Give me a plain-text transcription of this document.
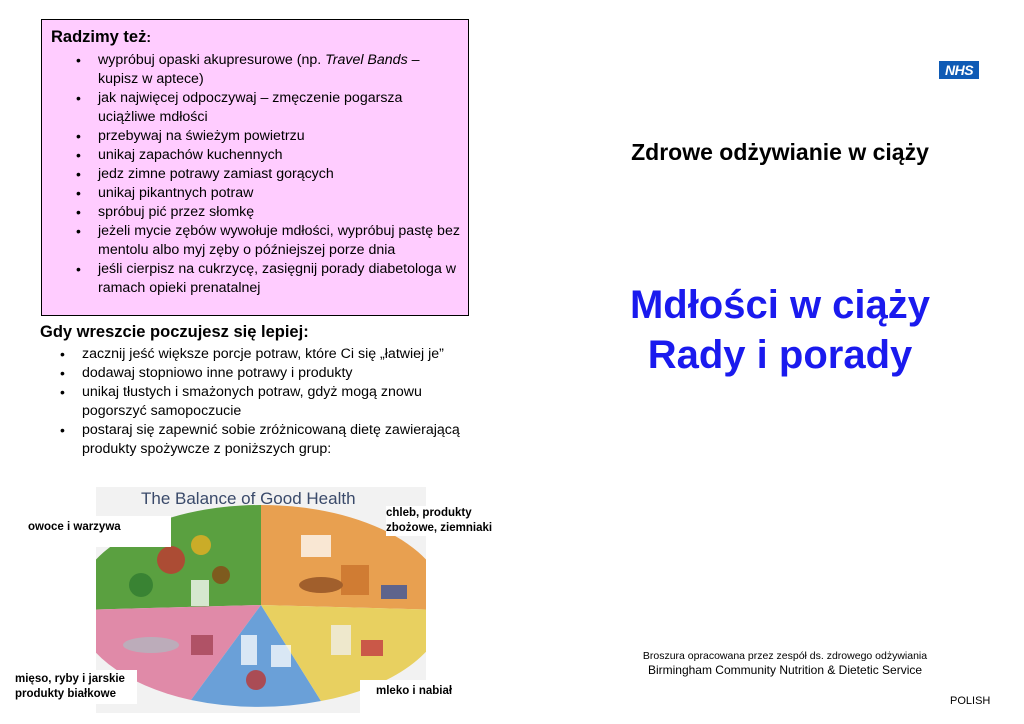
Radzimy też:
• wypróbuj opaski akupresurowe (np. Travel Bands – kupisz w aptece)
• jak najwięcej odpoczywaj – zmęczenie pogarsza uciążliwe mdłości
• przebywaj na świeżym powietrzu
• unikaj zapachów kuchennych
• jedz zimne potrawy zamiast gorących
• unikaj pikantnych potraw
• spróbuj pić przez słomkę
• jeżeli mycie zębów wywołuje mdłości, wypróbuj pastę bez mentolu albo myj zęby o późniejszej porze dnia
• jeśli cierpisz na cukrzycę, zasięgnij porady diabetologa w ramach opieki prenatalnej
Gdy wreszcie poczujesz się lepiej:
• zacznij jeść większe porcje potraw, które Ci się „łatwiej je”
• dodawaj stopniowo inne potrawy i produkty
• unikaj tłustych i smażonych potraw, gdyż mogą znowu pogorszyć samopoczucie
• postaraj się zapewnić sobie zróżnicowaną dietę zawierającą produkty spożywcze z poniższych grup:
The Balance of Good Health
owoce i warzywa
chleb, produkty
zbożowe, ziemniaki
mięso, ryby i jarskie
produkty białkowe	mleko i nabiał
NHS
Zdrowe odżywianie w ciąży
Mdłości w ciąży
Rady i porady
Broszura opracowana przez zespół ds. zdrowego odżywiania
Birmingham Community Nutrition & Dietetic Service
POLISH
